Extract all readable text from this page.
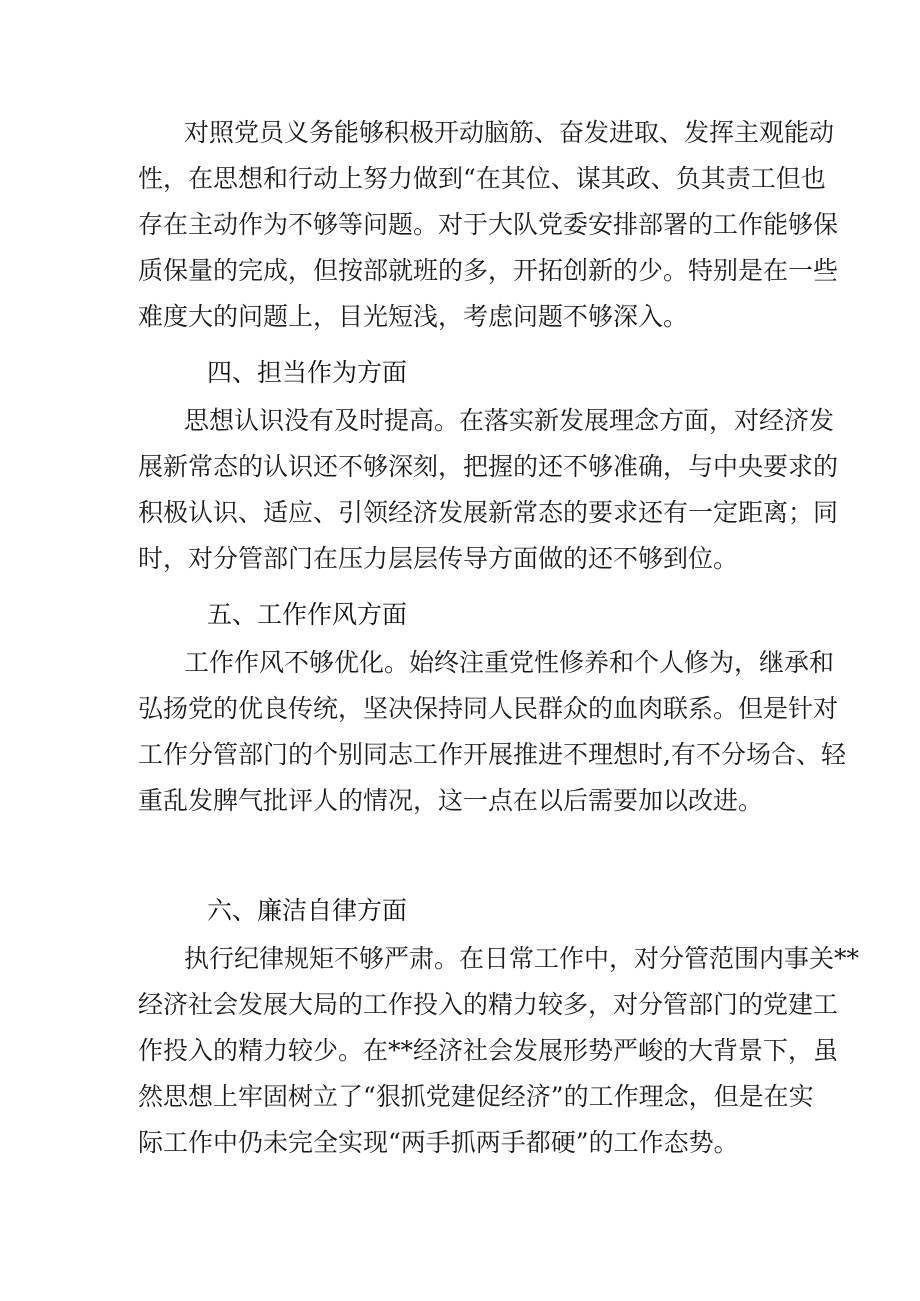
对照党员义务能够积极开动脑筋、奋发进取、发挥主观能动
性，在思想和行动上努力做到“在其位、谋其政、负其责工但也
存在主动作为不够等问题。对于大队党委安排部署的工作能够保
质保量的完成，但按部就班的多，开拓创新的少。特别是在一些
难度大的问题上，目光短浅，考虑问题不够深入。
四、担当作为方面
思想认识没有及时提高。在落实新发展理念方面，对经济发
展新常态的认识还不够深刻，把握的还不够准确，与中央要求的
积极认识、适应、引领经济发展新常态的要求还有一定距离；同
时，对分管部门在压力层层传导方面做的还不够到位。
五、工作作风方面
工作作风不够优化。始终注重党性修养和个人修为，继承和
弘扬党的优良传统，坚决保持同人民群众的血肉联系。但是针对
工作分管部门的个别同志工作开展推进不理想时,有不分场合、轻
重乱发脾气批评人的情况，这一点在以后需要加以改进。
六、廉洁自律方面
执行纪律规矩不够严肃。在日常工作中，对分管范围内事关**
经济社会发展大局的工作投入的精力较多，对分管部门的党建工
作投入的精力较少。在**经济社会发展形势严峻的大背景下，虽
然思想上牢固树立了“狠抓党建促经济”的工作理念，但是在实
际工作中仍未完全实现“两手抓两手都硬”的工作态势。
